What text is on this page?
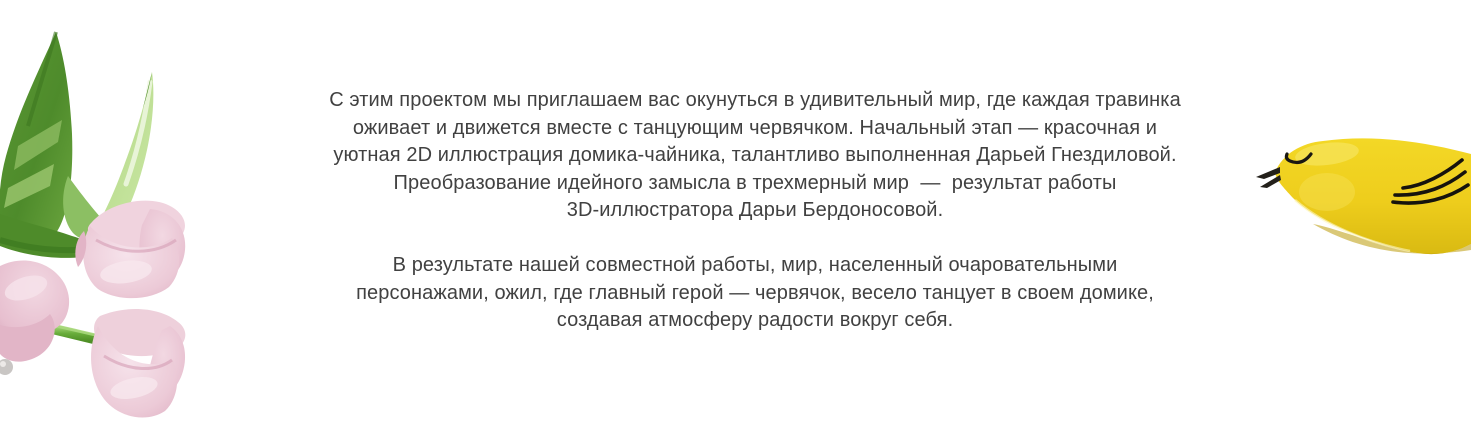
С этим проектом мы приглашаем вас окунуться в удивительный мир, где каждая травинка
оживает и движется вместе с танцующим червячком. Начальный этап — красочная и
уютная 2D иллюстрация домика-чайника, талантливо выполненная Дарьей Гнездиловой.
Преобразование идейного замысла в трехмерный мир  —  результат работы
3D-иллюстратора Дарьи Бердоносовой.

В результате нашей совместной работы, мир, населенный очаровательными
персонажами, ожил, где главный герой — червячок, весело танцует в своем домике,
создавая атмосферу радости вокруг себя.
